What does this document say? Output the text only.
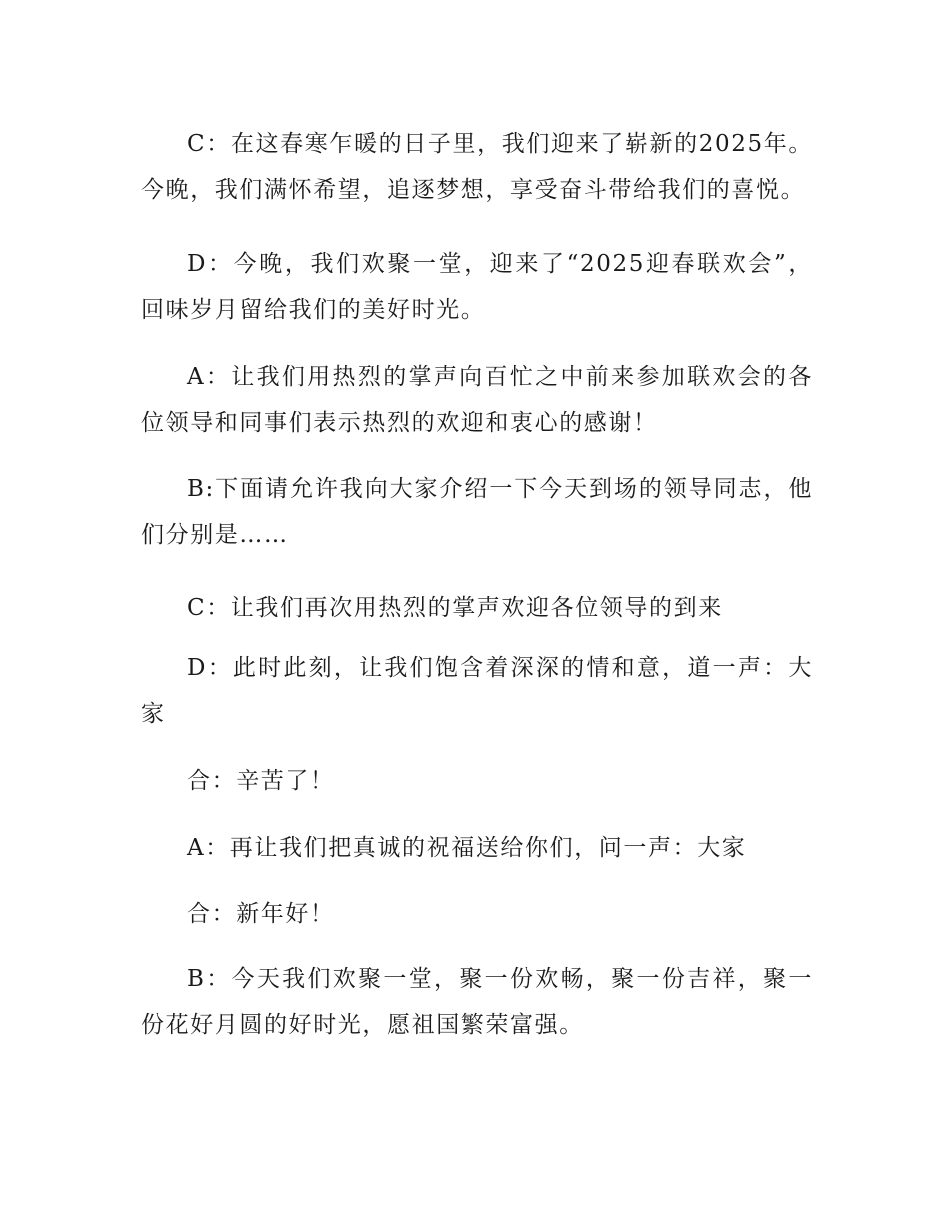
C：在这春寒乍暖的日子里，我们迎来了崭新的2025年。今晚，我们满怀希望，追逐梦想，享受奋斗带给我们的喜悦。

D：今晚，我们欢聚一堂，迎来了“2025迎春联欢会”，回味岁月留给我们的美好时光。

A：让我们用热烈的掌声向百忙之中前来参加联欢会的各位领导和同事们表示热烈的欢迎和衷心的感谢！

B:下面请允许我向大家介绍一下今天到场的领导同志，他们分别是……

C：让我们再次用热烈的掌声欢迎各位领导的到来

D：此时此刻，让我们饱含着深深的情和意，道一声：大家

合：辛苦了！

A：再让我们把真诚的祝福送给你们，问一声：大家

合：新年好！

B：今天我们欢聚一堂，聚一份欢畅，聚一份吉祥，聚一份花好月圆的好时光，愿祖国繁荣富强。
